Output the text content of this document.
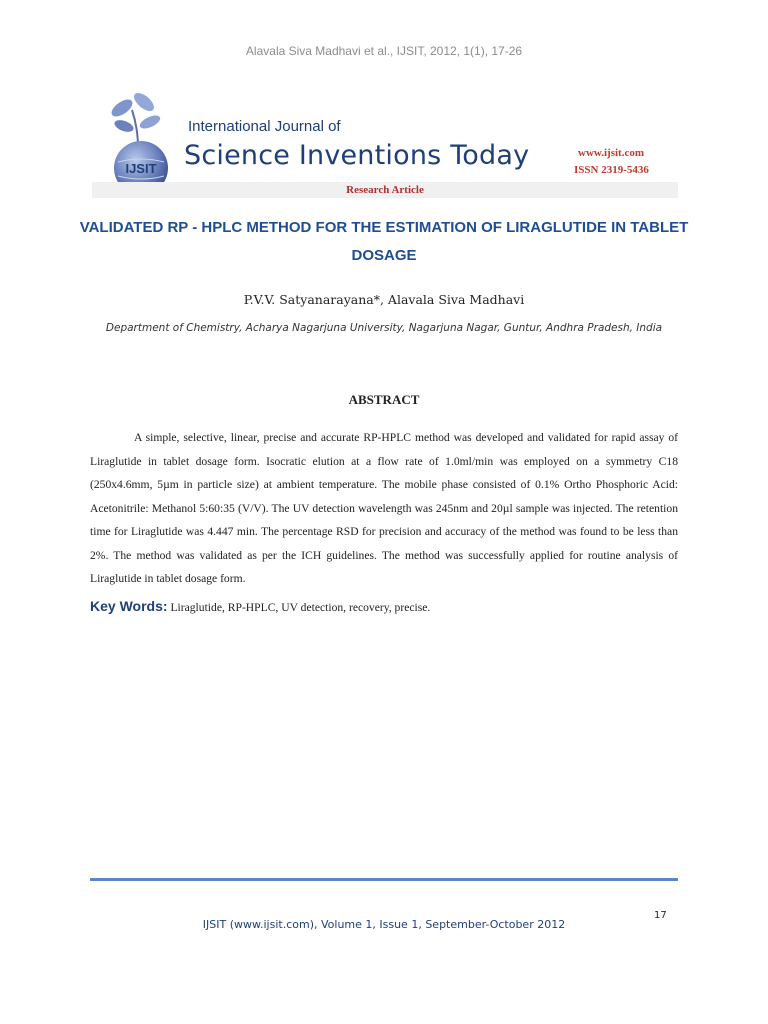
Alavala Siva Madhavi et al., IJSIT, 2012, 1(1), 17-26
IJSIT
International Journal of
Science Inventions Today	www.ijsit.com
ISSN 2319-5436
Research Article
VALIDATED RP - HPLC METHOD FOR THE ESTIMATION OF LIRAGLUTIDE IN TABLET DOSAGE
P.V.V. Satyanarayana*, Alavala Siva Madhavi
Department of Chemistry, Acharya Nagarjuna University, Nagarjuna Nagar, Guntur, Andhra Pradesh, India
ABSTRACT

A simple, selective, linear, precise and accurate RP-HPLC method was developed and validated for rapid assay of Liraglutide in tablet dosage form. Isocratic elution at a flow rate of 1.0ml/min was employed on a symmetry C18 (250x4.6mm, 5µm in particle size) at ambient temperature. The mobile phase consisted of 0.1% Ortho Phosphoric Acid: Acetonitrile: Methanol 5:60:35 (V/V). The UV detection wavelength was 245nm and 20µl sample was injected. The retention time for Liraglutide was 4.447 min. The percentage RSD for precision and accuracy of the method was found to be less than 2%. The method was validated as per the ICH guidelines. The method was successfully applied for routine analysis of Liraglutide in tablet dosage form.

Key Words: Liraglutide, RP-HPLC, UV detection, recovery, precise.
IJSIT (www.ijsit.com), Volume 1, Issue 1, September-October 2012
17
